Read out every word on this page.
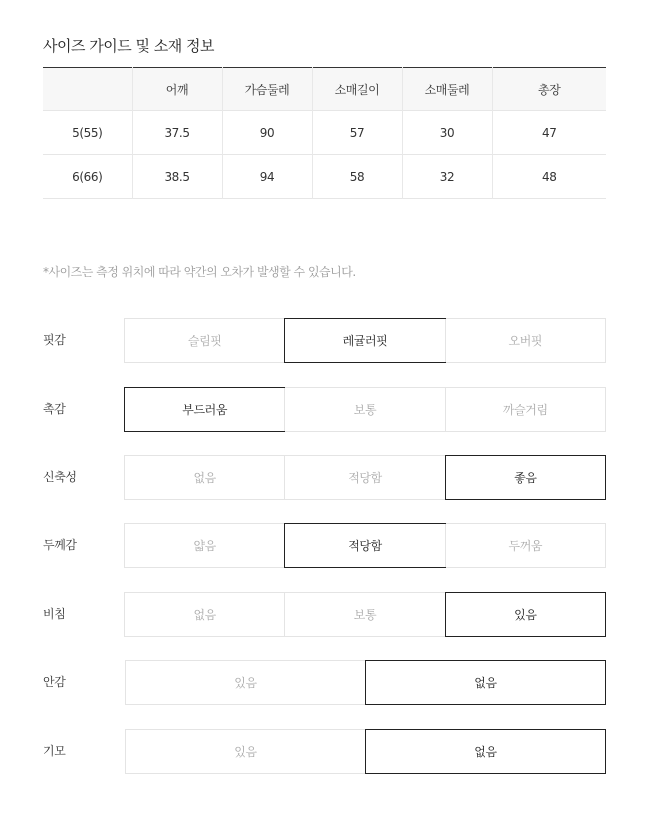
사이즈 가이드 및 소재 정보
	어깨	가슴둘레	소매길이	소매둘레	총장
5(55)	37.5	90	57	30	47
6(66)	38.5	94	58	32	48
*사이즈는 측정 위치에 따라 약간의 오차가 발생할 수 있습니다.
핏감	슬림핏	레귤러핏	오버핏
촉감	부드러움	보통	까슬거림
신축성	없음	적당함	좋음
두께감	얇음	적당함	두꺼움
비침	없음	보통	있음
안감	있음	없음
기모	있음	없음
